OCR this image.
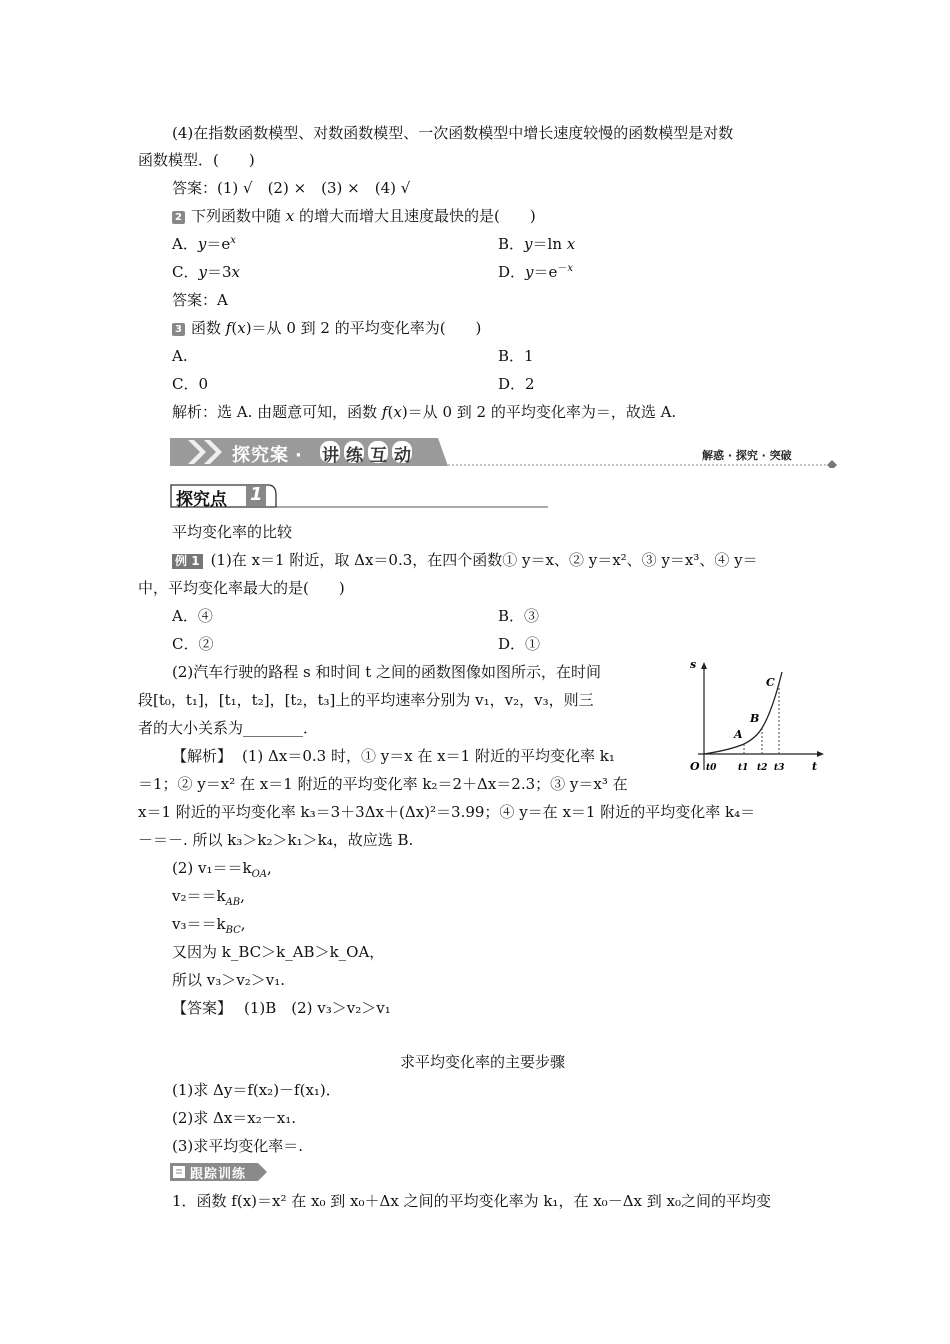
(4)在指数函数模型、对数函数模型、一次函数模型中增长速度较慢的函数模型是对数
函数模型．(　　)
答案：(1) √　(2) ×　(3) ×　(4) √
2 下列函数中随 x 的增大而增大且速度最快的是(　　)
A．$y=e^x$	B．y＝ln x
C．y＝3x	D．$y=e^{-x}$
答案：A
3 函数 f(x)＝从 0 到 2 的平均变化率为(　　)
A.	B．1
C．0	D．2
解析：选 A. 由题意可知，函数 f(x)＝从 0 到 2 的平均变化率为＝，故选 A.
探究案 ·	讲练互动	解惑 · 探究 · 突破
探究点 1
平均变化率的比较
例 1 (1)在 x＝1 附近，取 Δx＝0.3，在四个函数① y＝x、② y＝x²、③ y＝x³、④ y＝
中，平均变化率最大的是(　　)
A．④	B．③
C．②	D．①
(2)汽车行驶的路程 s 和时间 t 之间的函数图像如图所示，在时间
段[t₀，t₁]，[t₁，t₂]，[t₂，t₃]上的平均速率分别为 v₁，v₂，v₃，则三
者的大小关系为________．
s
t
O
A
B
C
t0 t1 t2 t3
【解析】 (1) Δx＝0.3 时，① y＝x 在 x＝1 附近的平均变化率 k₁
＝1；② y＝x² 在 x＝1 附近的平均变化率 k₂＝2＋Δx＝2.3；③ y＝x³ 在
x＝1 附近的平均变化率 k₃＝3＋3Δx＋(Δx)²＝3.99；④ y＝在 x＝1 附近的平均变化率 k₄＝
－＝－. 所以 k₃＞k₂＞k₁＞k₄，故应选 B.
(2) $v_1==k_{OA}$,
$v_2==k_{AB}$,
$v_3==k_{BC}$,
又因为 k_BC＞k_AB＞k_OA，
所以 v₃＞v₂＞v₁.
【答案】 (1)B　(2) v₃＞v₂＞v₁
求平均变化率的主要步骤
(1)求 Δy＝f(x₂)－f(x₁)．
(2)求 Δx＝x₂－x₁.
(3)求平均变化率＝.
跟踪训练
1．函数 f(x)＝x² 在 x₀ 到 x₀＋Δx 之间的平均变化率为 k₁，在 x₀－Δx 到 x₀之间的平均变
